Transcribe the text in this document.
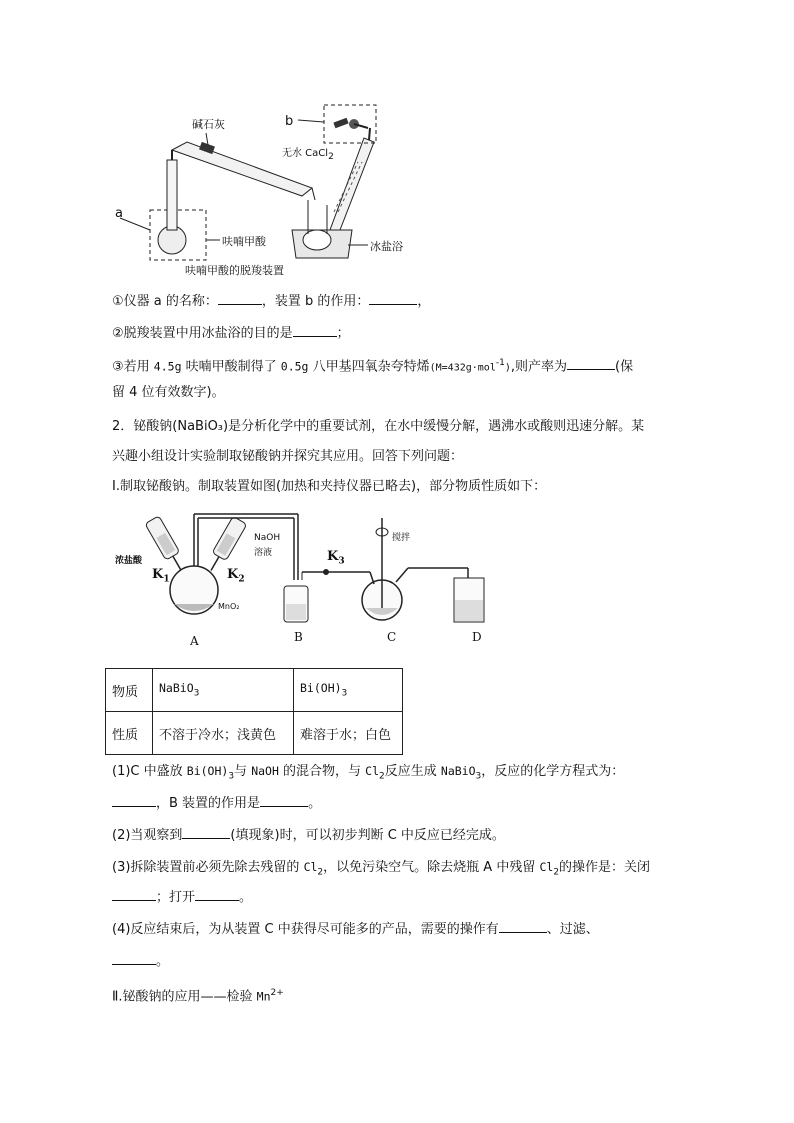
a
b
碱石灰
无水 CaCl$_2$
呋喃甲酸	冰盐浴
呋喃甲酸的脱羧装置
①仪器 a 的名称：	，装置 b 的作用：	，
②脱羧装置中用冰盐浴的目的是	；
③若用 4.5g 呋喃甲酸制得了 0.5g 八甲基四氧杂夸特烯(M=432g·mol$^{-1}$),则产率为	(保
留 4 位有效数字)。
2．铋酸钠(NaBiO₃)是分析化学中的重要试剂，在水中缓慢分解，遇沸水或酸则迅速分解。某
兴趣小组设计实验制取铋酸钠并探究其应用。回答下列问题：
Ⅰ.制取铋酸钠。制取装置如图(加热和夹持仪器已略去)，部分物质性质如下：
浓盐酸
NaOH
溶液
$K_1$	$K_2$
$K_3$
MnO₂
搅拌
A	B	C	D
物质	NaBiO$_3$	$Bi(OH)_3$
性质	不溶于冷水；浅黄色	难溶于水；白色
(1)C 中盛放 $Bi(OH)_3$与 NaOH 的混合物，与 $Cl_2$反应生成 NaBiO$_3$，反应的化学方程式为：
，B 装置的作用是	。
(2)当观察到	(填现象)时，可以初步判断 C 中反应已经完成。
(3)拆除装置前必须先除去残留的 $Cl_2$，以免污染空气。除去烧瓶 A 中残留 $Cl_2$的操作是：关闭
；打开	。
(4)反应结束后，为从装置 C 中获得尽可能多的产品，需要的操作有	、过滤、
。
Ⅱ.铋酸钠的应用——检验 $Mn^{2+}$
